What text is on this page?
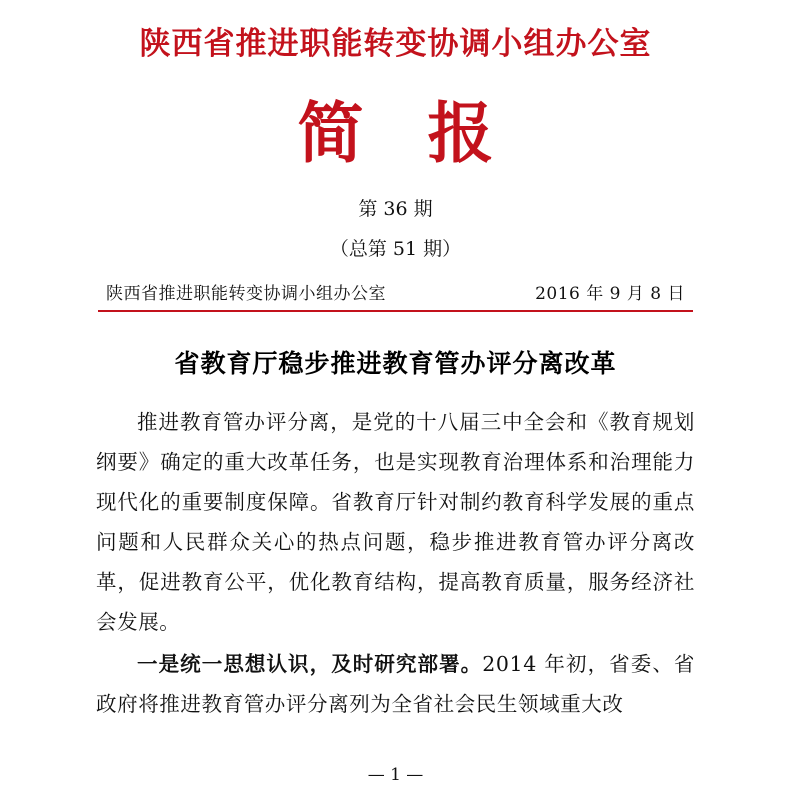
陕西省推进职能转变协调小组办公室
简报
第 36 期
（总第 51 期）
陕西省推进职能转变协调小组办公室	2016 年 9 月 8 日
省教育厅稳步推进教育管办评分离改革

推进教育管办评分离，是党的十八届三中全会和《教育规划纲要》确定的重大改革任务，也是实现教育治理体系和治理能力现代化的重要制度保障。省教育厅针对制约教育科学发展的重点问题和人民群众关心的热点问题，稳步推进教育管办评分离改革，促进教育公平，优化教育结构，提高教育质量，服务经济社会发展。

一是统一思想认识，及时研究部署。2014 年初，省委、省政府将推进教育管办评分离列为全省社会民生领域重大改

— 1 —
